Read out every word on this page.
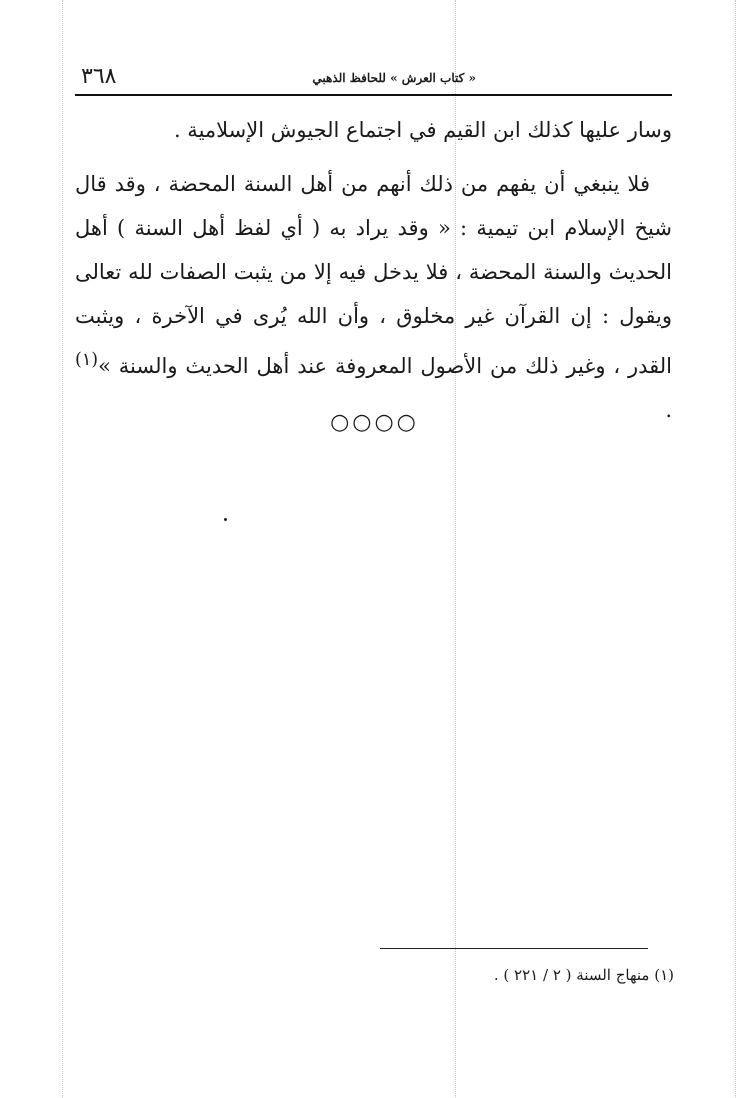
٣٦٨	« كتاب العرش » للحافظ الذهبي

وسار عليها كذلك ابن القيم في اجتماع الجيوش الإسلامية .

فلا ينبغي أن يفهم من ذلك أنهم من أهل السنة المحضة ، وقد قال شيخ الإسلام ابن تيمية : « وقد يراد به ( أي لفظ أهل السنة ) أهل الحديث والسنة المحضة ، فلا يدخل فيه إلا من يثبت الصفات لله تعالى ويقول : إن القرآن غير مخلوق ، وأن الله يُرى في الآخرة ، ويثبت القدر ، وغير ذلك من الأصول المعروفة عند أهل الحديث والسنة »$^{(١)}$ .

○○○○
(١) منهاج السنة ( ٢ / ٢٢١ ) .
